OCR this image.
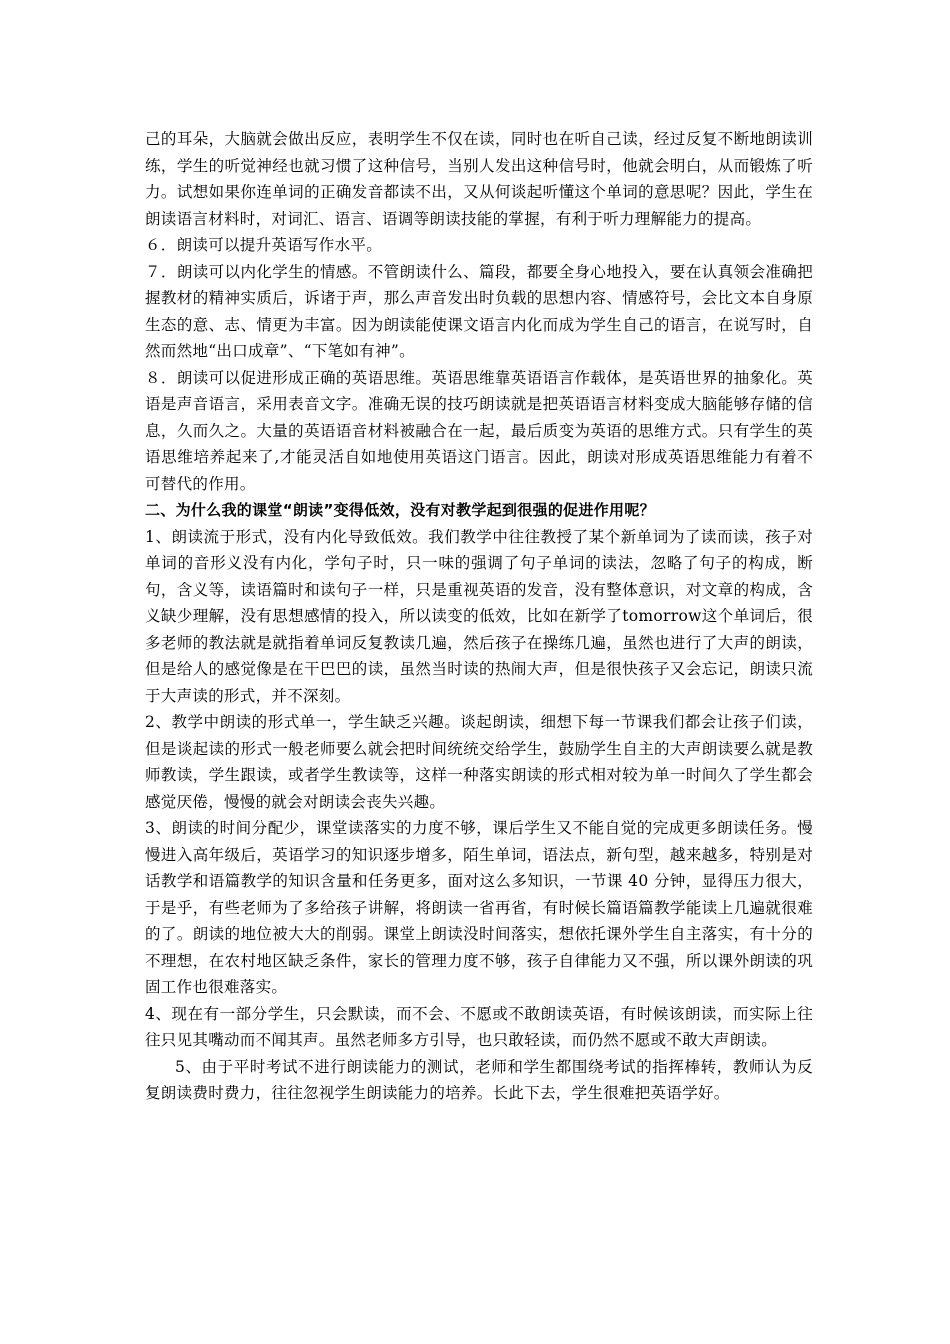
己的耳朵，大脑就会做出反应，表明学生不仅在读，同时也在听自己读，经过反复不断地朗读训练，学生的听觉神经也就习惯了这种信号，当别人发出这种信号时，他就会明白，从而锻炼了听力。试想如果你连单词的正确发音都读不出，又从何谈起听懂这个单词的意思呢？因此，学生在朗读语言材料时，对词汇、语言、语调等朗读技能的掌握，有利于听力理解能力的提高。

６．朗读可以提升英语写作水平。

７．朗读可以内化学生的情感。不管朗读什么、篇段，都要全身心地投入，要在认真领会准确把握教材的精神实质后，诉诸于声，那么声音发出时负载的思想内容、情感符号，会比文本自身原生态的意、志、情更为丰富。因为朗读能使课文语言内化而成为学生自己的语言，在说写时，自然而然地“出口成章”、“下笔如有神”。

８．朗读可以促进形成正确的英语思维。英语思维靠英语语言作载体，是英语世界的抽象化。英语是声音语言，采用表音文字。准确无误的技巧朗读就是把英语语言材料变成大脑能够存储的信息，久而久之。大量的英语语音材料被融合在一起，最后质变为英语的思维方式。只有学生的英语思维培养起来了,才能灵活自如地使用英语这门语言。因此，朗读对形成英语思维能力有着不可替代的作用。

二、为什么我的课堂“朗读”变得低效，没有对教学起到很强的促进作用呢？

1、朗读流于形式，没有内化导致低效。我们教学中往往教授了某个新单词为了读而读，孩子对单词的音形义没有内化，学句子时，只一味的强调了句子单词的读法，忽略了句子的构成，断句，含义等，读语篇时和读句子一样，只是重视英语的发音，没有整体意识，对文章的构成，含义缺少理解，没有思想感情的投入，所以读变的低效，比如在新学了tomorrow这个单词后，很多老师的教法就是就指着单词反复教读几遍，然后孩子在操练几遍，虽然也进行了大声的朗读，但是给人的感觉像是在干巴巴的读，虽然当时读的热闹大声，但是很快孩子又会忘记，朗读只流于大声读的形式，并不深刻。

2、教学中朗读的形式单一，学生缺乏兴趣。谈起朗读，细想下每一节课我们都会让孩子们读，但是谈起读的形式一般老师要么就会把时间统统交给学生，鼓励学生自主的大声朗读要么就是教师教读，学生跟读，或者学生教读等，这样一种落实朗读的形式相对较为单一时间久了学生都会感觉厌倦，慢慢的就会对朗读会丧失兴趣。

3、朗读的时间分配少，课堂读落实的力度不够，课后学生又不能自觉的完成更多朗读任务。慢慢进入高年级后，英语学习的知识逐步增多，陌生单词，语法点，新句型，越来越多，特别是对话教学和语篇教学的知识含量和任务更多，面对这么多知识，一节课 40 分钟，显得压力很大，于是乎，有些老师为了多给孩子讲解，将朗读一省再省，有时候长篇语篇教学能读上几遍就很难的了。朗读的地位被大大的削弱。课堂上朗读没时间落实，想依托课外学生自主落实，有十分的不理想，在农村地区缺乏条件，家长的管理力度不够，孩子自律能力又不强，所以课外朗读的巩固工作也很难落实。

4、现在有一部分学生，只会默读，而不会、不愿或不敢朗读英语，有时候该朗读，而实际上往往只见其嘴动而不闻其声。虽然老师多方引导，也只敢轻读，而仍然不愿或不敢大声朗读。

5、由于平时考试不进行朗读能力的测试，老师和学生都围绕考试的指挥棒转，教师认为反复朗读费时费力，往往忽视学生朗读能力的培养。长此下去，学生很难把英语学好。
